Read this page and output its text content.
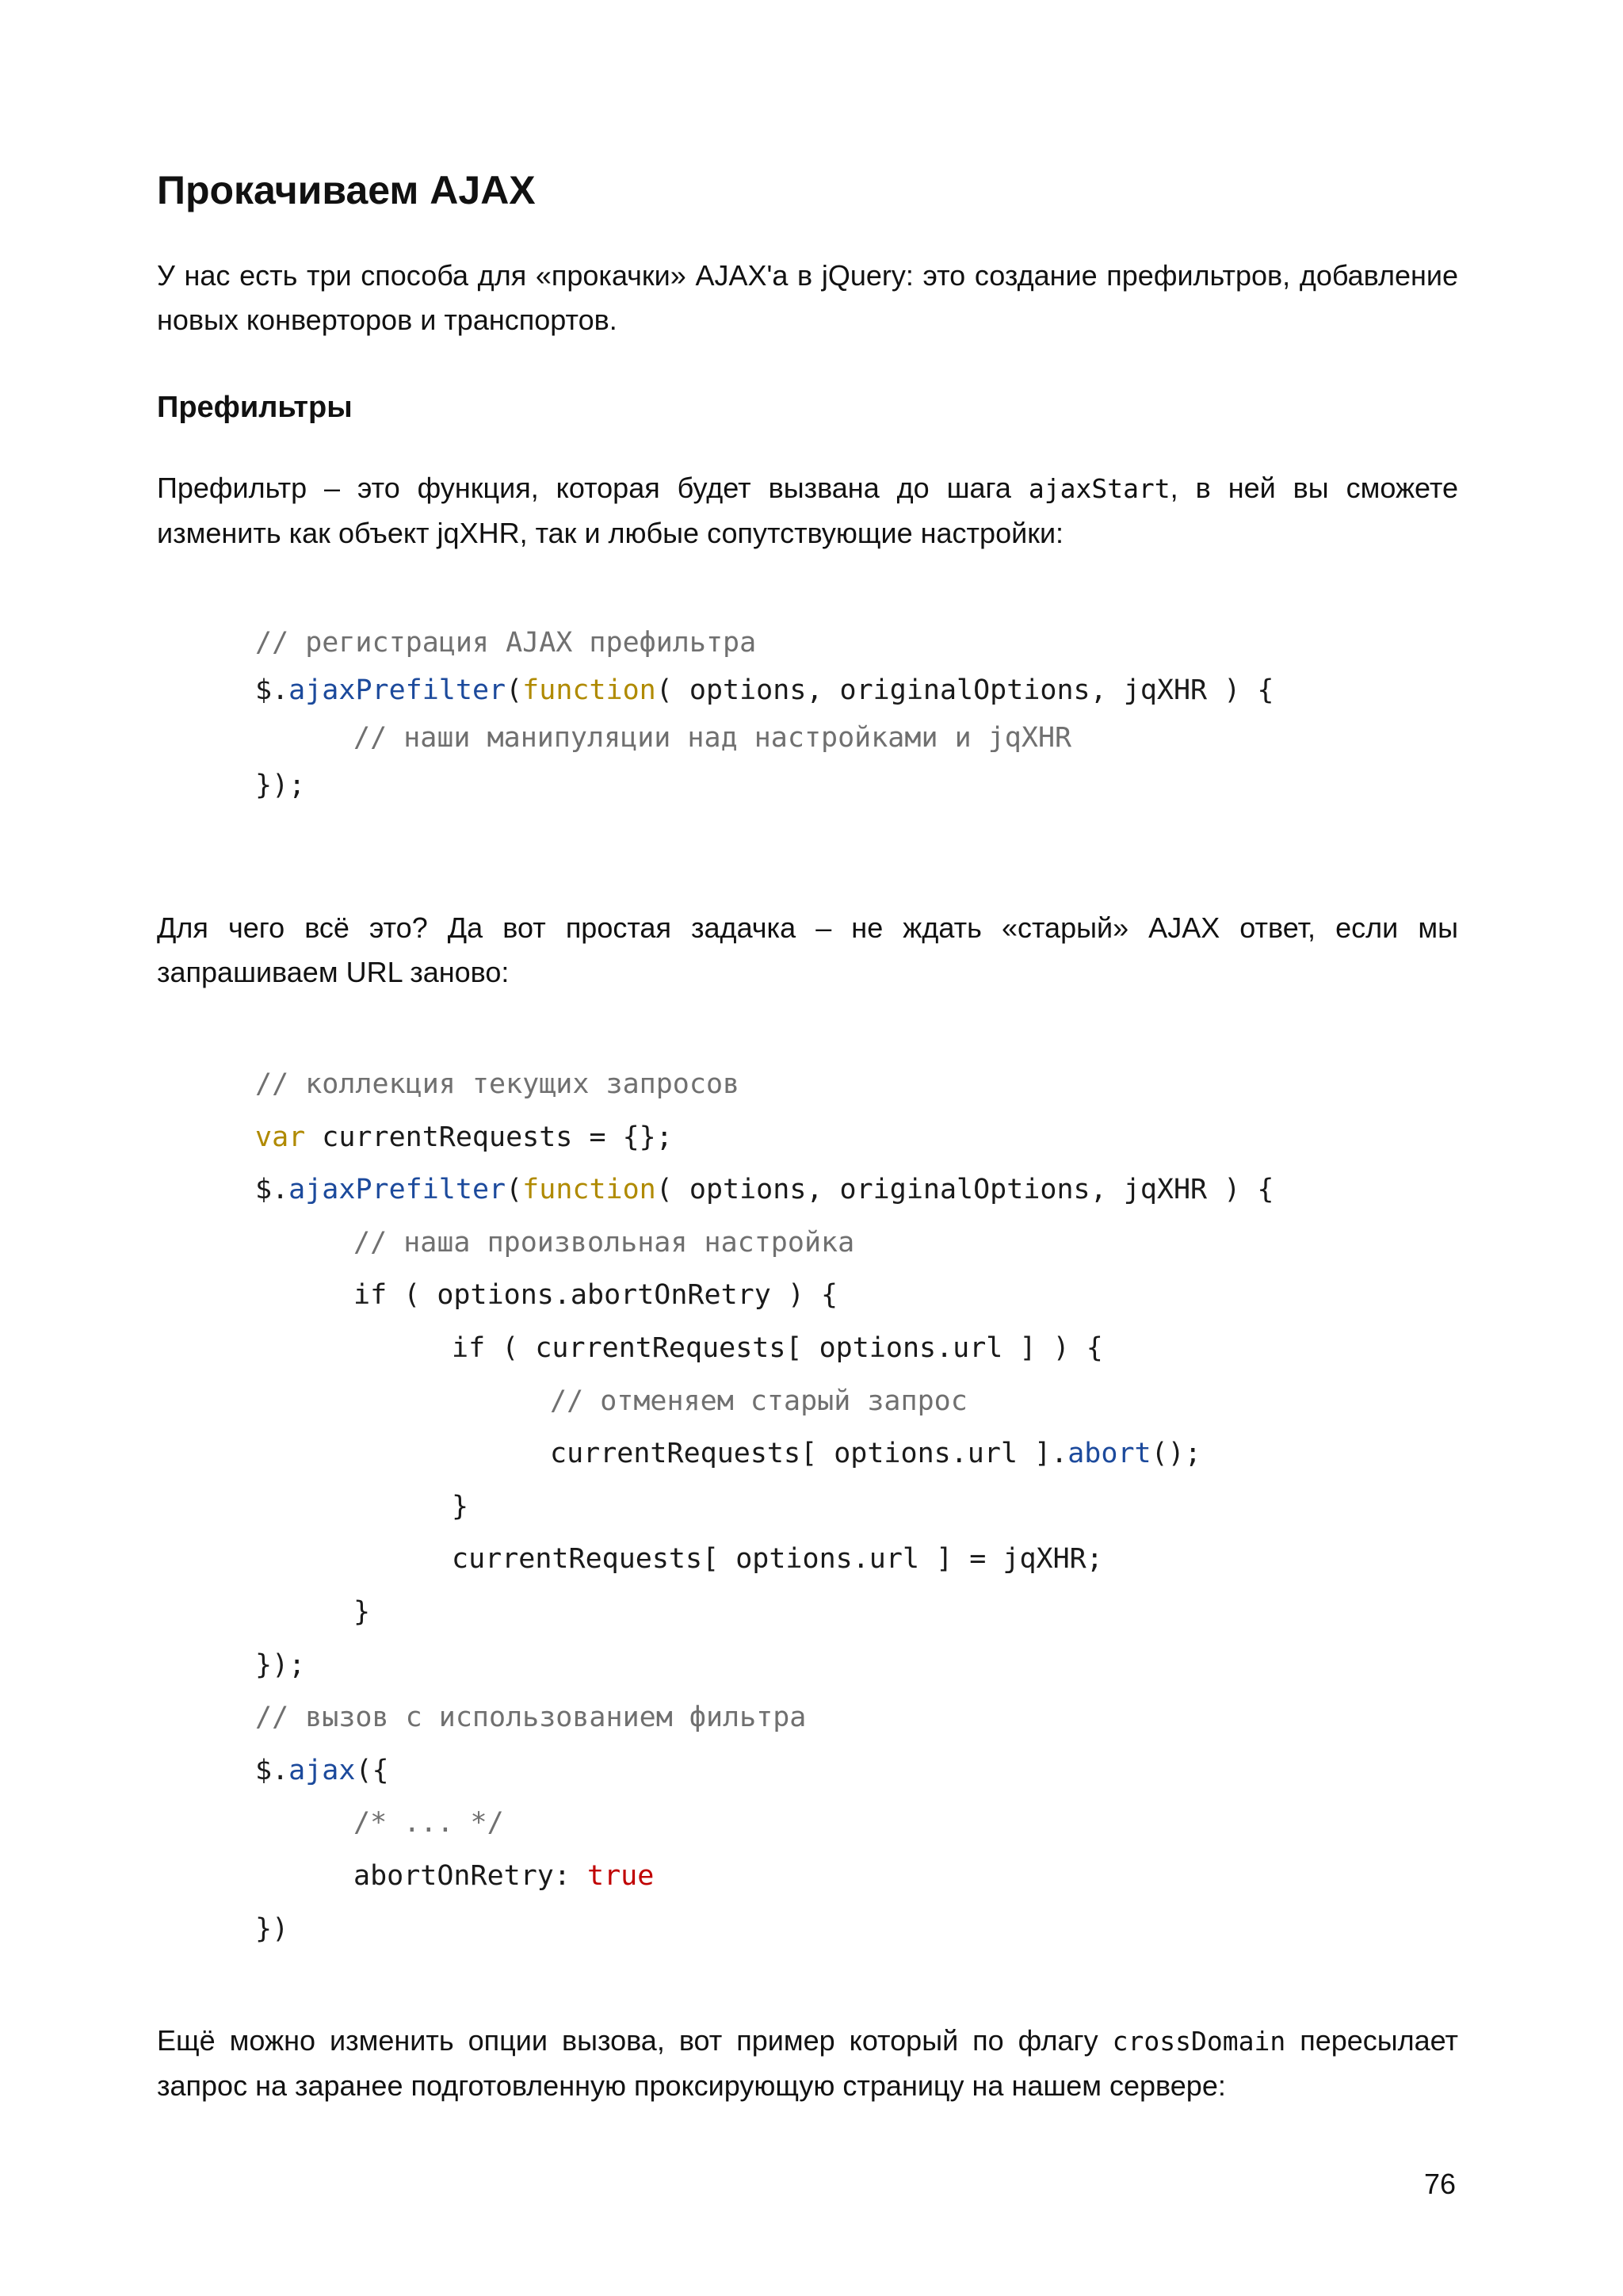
Прокачиваем AJAX

У нас есть три способа для «прокачки» AJAX'а в jQuery: это создание префильтров, добавление новых конверторов и транспортов.

Префильтры

Префильтр – это функция, которая будет вызвана до шага ajaxStart, в ней вы сможете изменить как объект jqXHR, так и любые сопутствующие настройки:

// регистрация AJAX префильтра
$.ajaxPrefilter(function( options, originalOptions, jqXHR ) {
// наши манипуляции над настройками и jqXHR
});

Для чего всё это? Да вот простая задачка – не ждать «старый» AJAX ответ, если мы запрашиваем URL заново:

// коллекция текущих запросов
var currentRequests = {};
$.ajaxPrefilter(function( options, originalOptions, jqXHR ) {
// наша произвольная настройка
if ( options.abortOnRetry ) {
if ( currentRequests[ options.url ] ) {
// отменяем старый запрос
currentRequests[ options.url ].abort();
}
currentRequests[ options.url ] = jqXHR;
}
});
// вызов с использованием фильтра
$.ajax({
/* ... */
abortOnRetry: true
})

Ещё можно изменить опции вызова, вот пример который по флагу crossDomain пересылает запрос на заранее подготовленную проксирующую страницу на нашем сервере:

76
